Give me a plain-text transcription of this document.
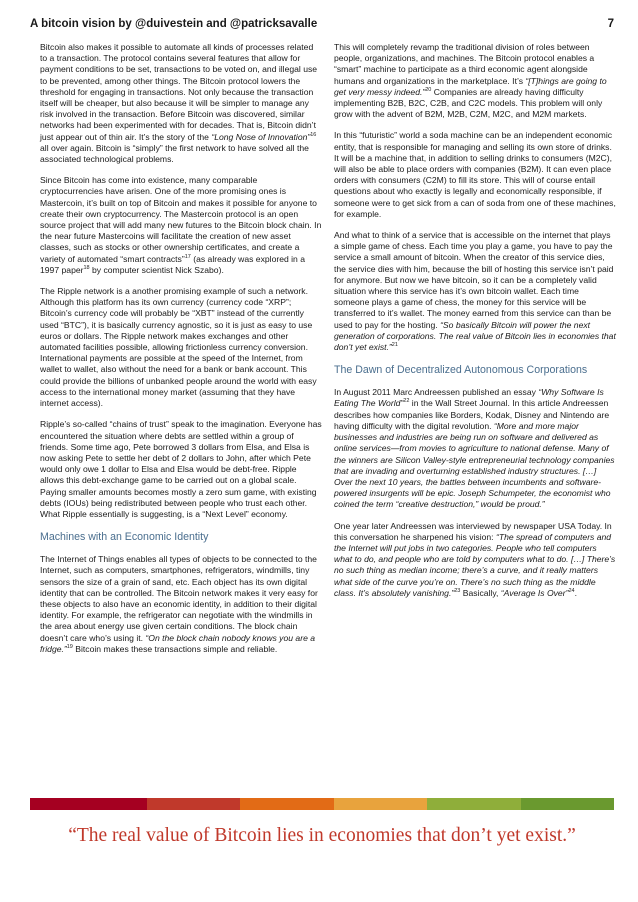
A bitcoin vision by @duivestein and @patricksavalle	7

Bitcoin also makes it possible to automate all kinds of processes related to a transaction. The protocol contains several features that allow for payment conditions to be set, transactions to be voted on, and illegal use to be prevented, among other things. The Bitcoin protocol lowers the threshold for engaging in transactions. Not only because the transaction itself will be cheaper, but also because it will be simpler to manage any risk involved in the transaction. Before Bitcoin was discovered, similar networks had been experimented with for decades. That is, Bitcoin didn’t just appear out of thin air. It’s the story of the “Long Nose of Innovation”$^{16}$ all over again. Bitcoin is “simply” the first network to have solved all the associated technological problems.

Since Bitcoin has come into existence, many comparable cryptocurrencies have arisen. One of the more promising ones is Mastercoin, it’s built on top of Bitcoin and makes it possible for anyone to create their own cryptocurrency. The Mastercoin protocol is an open source project that will add many new futures to the Bitcoin block chain. In the near future Mastercoins will facilitate the creation of new asset classes, such as stocks or other ownership certificates, and create a variety of automated “smart contracts”$^{17}$ (as already was explored in a 1997 paper$^{18}$ by computer scientist Nick Szabo).

The Ripple network is a another promising example of such a network. Although this platform has its own currency (currency code “XRP”; Bitcoin’s currency code will probably be “XBT” instead of the currently used “BTC”), it is basically currency agnostic, so it is just as easy to use euros or dollars. The Ripple network makes exchanges and other automated facilities possible, allowing frictionless currency conversion. International payments are possible at the speed of the Internet, from wallet to wallet, also without the need for a bank or bank account. This could provide the billions of unbanked people around the world with easy access to the international money market (assuming that they have internet access).

Ripple’s so-called “chains of trust” speak to the imagination. Everyone has encountered the situation where debts are settled within a group of friends. Some time ago, Pete borrowed 3 dollars from Elsa, and Elsa is now asking Pete to settle her debt of 2 dollars to John, after which Pete would only owe 1 dollar to Elsa and Elsa would be debt-free. Ripple allows this debt-exchange game to be carried out on a global scale. Paying smaller amounts becomes mostly a zero sum game, with existing debts (IOUs) being redistributed between people who trust each other. What Ripple essentially is suggesting, is a “Next Level” economy.

Machines with an Economic Identity

The Internet of Things enables all types of objects to be connected to the Internet, such as computers, smartphones, refrigerators, windmills, tiny sensors the size of a grain of sand, etc. Each object has its own digital identity that can be controlled. The Bitcoin network makes it very easy for these objects to also have an economic identity, in addition to their digital identity. For example, the refrigerator can negotiate with the windmills in the area about energy use given certain conditions. The block chain doesn’t care who’s using it. “On the block chain nobody knows you are a fridge.”$^{19}$ Bitcoin makes these transactions simple and reliable.

This will completely revamp the traditional division of roles between people, organizations, and machines. The Bitcoin protocol enables a “smart” machine to participate as a third economic agent alongside humans and organizations in the marketplace. It’s “[T]hings are going to get very messy indeed.”$^{20}$ Companies are already having difficulty implementing B2B, B2C, C2B, and C2C models. This problem will only grow with the advent of B2M, M2B, C2M, M2C, and M2M markets.

In this “futuristic” world a soda machine can be an independent economic entity, that is responsible for managing and selling its own store of drinks. It will be a machine that, in addition to selling drinks to consumers (M2C), will also be able to place orders with companies (B2M). It can even place orders with consumers (C2M) to fill its store. This will of course entail questions about who exactly is legally and economically responsible, if someone were to get sick from a can of soda from one of these machines, for example.

And what to think of a service that is accessible on the internet that plays a simple game of chess. Each time you play a game, you have to pay the service a small amount of bitcoin. When the creator of this service dies, the service dies with him, because the bill of hosting this service isn’t paid for anymore. But now we have bitcoin, so it can be a completely valid situation where this service has it’s own bitcoin wallet. Each time someone plays a game of chess, the money for this service will be transferred to it’s wallet. The money earned from this service can than be used to pay for the hosting. “So basically Bitcoin will power the next generation of corporations. The real value of Bitcoin lies in economies that don’t yet exist.”$^{21}$

The Dawn of Decentralized Autonomous Corporations

In August 2011 Marc Andreessen published an essay “Why Software Is Eating The World”$^{22}$ in the Wall Street Journal. In this article Andreessen describes how companies like Borders, Kodak, Disney and Nintendo are having difficulty with the digital revolution. “More and more major businesses and industries are being run on software and delivered as online services—from movies to agriculture to national defense. Many of the winners are Silicon Valley-style entrepreneurial technology companies that are invading and overturning established industry structures. […] Over the next 10 years, the battles between incumbents and software-powered insurgents will be epic. Joseph Schumpeter, the economist who coined the term “creative destruction,” would be proud.”

One year later Andreessen was interviewed by newspaper USA Today. In this conversation he sharpened his vision: “The spread of computers and the Internet will put jobs in two categories. People who tell computers what to do, and people who are told by computers what to do. […] There’s no such thing as median income; there’s a curve, and it really matters what side of the curve you’re on. There’s no such thing as the middle class. It’s absolutely vanishing.”$^{23}$ Basically, “Average Is Over”$^{24}$.

“The real value of Bitcoin lies in economies that don’t yet exist.”
